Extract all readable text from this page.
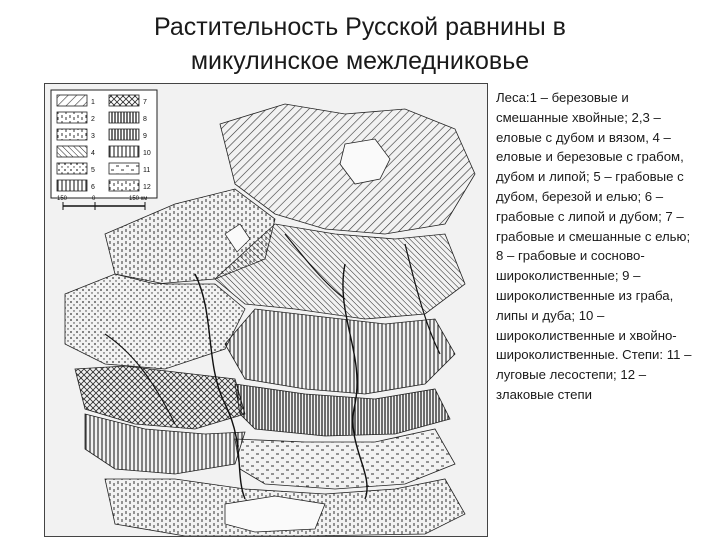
Растительность Русской равнины в
микулинское межледниковье
1
2
3
4
5
6
7
8
9
10
11
12
150	0	150 км

Леса:1 – березовые и смешанные хвойные; 2,3 – еловые с дубом и вязом, 4 – еловые и березовые с грабом, дубом и липой; 5 – грабовые с дубом, березой и елью; 6 – грабовые с липой и дубом; 7 – грабовые и смешанные с елью; 8 – грабовые и сосново-широколиственные; 9 – широколиственные из граба, липы и дуба; 10 – широколиственные и хвойно-широколиственные. Степи: 11 – луговые лесостепи; 12 – злаковые степи
